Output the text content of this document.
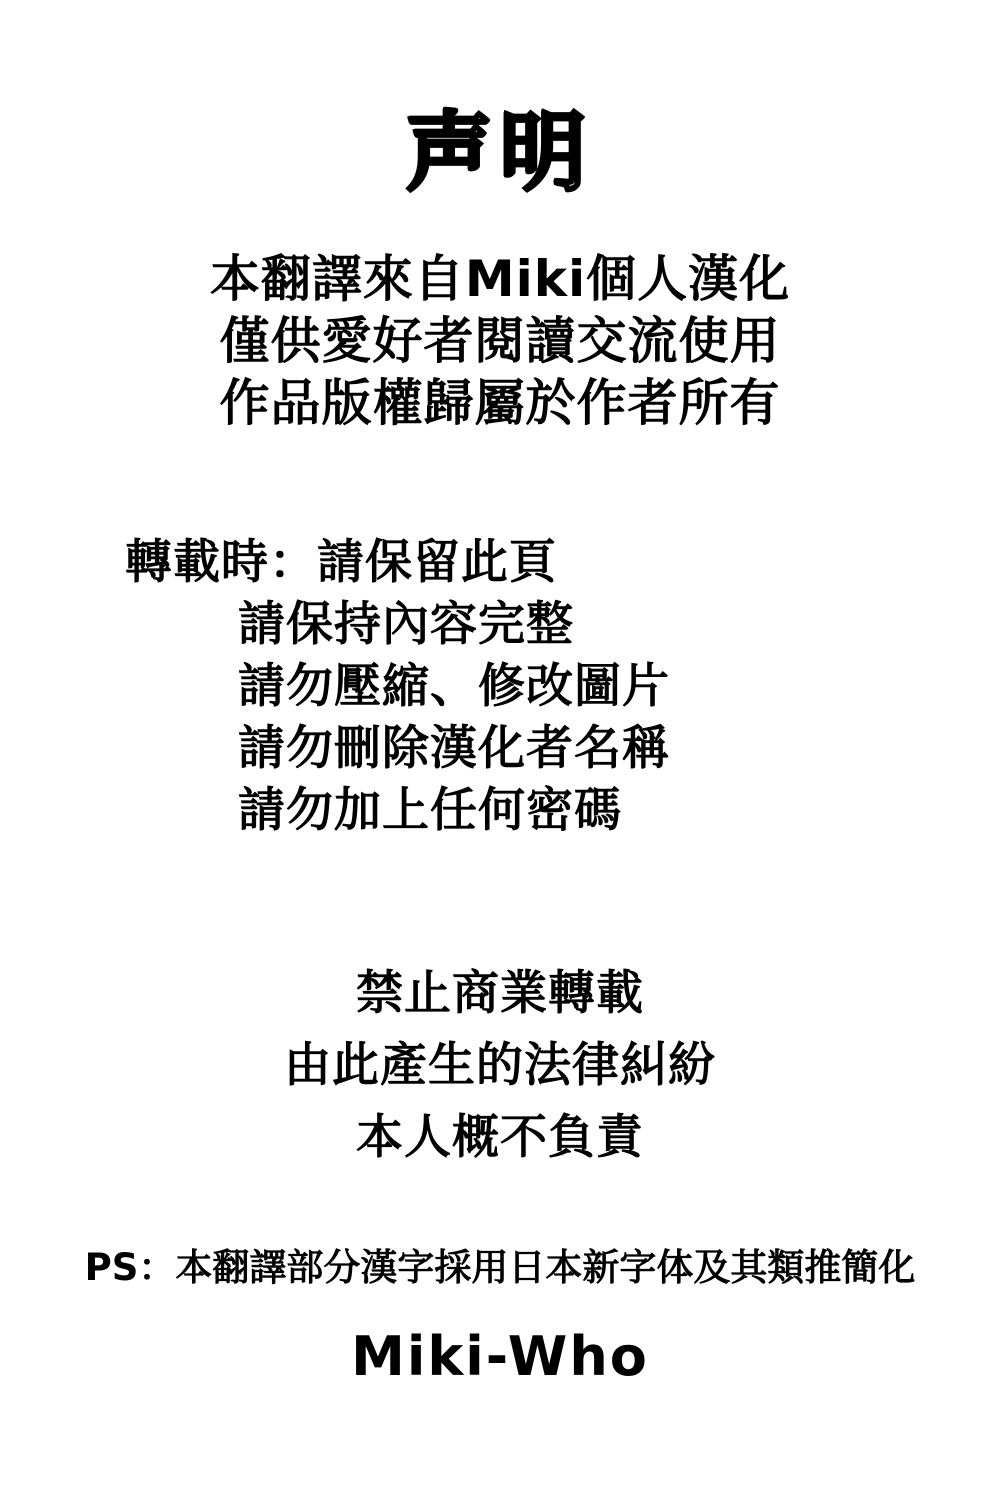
声明
本翻譯來自Miki個人漢化
僅供愛好者閱讀交流使用
作品版權歸屬於作者所有
轉載時：請保留此頁
請保持內容完整
請勿壓縮、修改圖片
請勿刪除漢化者名稱
請勿加上任何密碼
禁止商業轉載
由此產生的法律糾紛
本人概不負責
PS：本翻譯部分漢字採用日本新字体及其類推簡化
Miki-Who
